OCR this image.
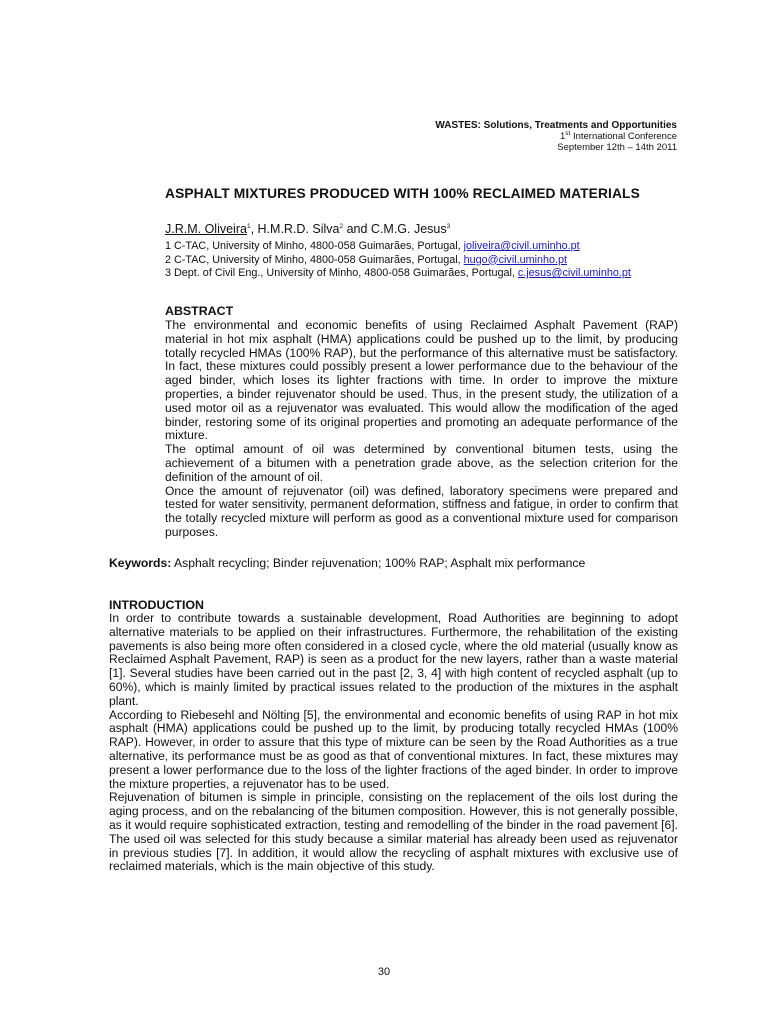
WASTES: Solutions, Treatments and Opportunities
1st International Conference
September 12th – 14th 2011
ASPHALT MIXTURES PRODUCED WITH 100% RECLAIMED MATERIALS
J.R.M. Oliveira$^1$, H.M.R.D. Silva$^2$ and C.M.G. Jesus$^3$
1 C-TAC, University of Minho, 4800-058 Guimarães, Portugal, joliveira@civil.uminho.pt
2 C-TAC, University of Minho, 4800-058 Guimarães, Portugal, hugo@civil.uminho.pt
3 Dept. of Civil Eng., University of Minho, 4800-058 Guimarães, Portugal, c.jesus@civil.uminho.pt
ABSTRACT

The environmental and economic benefits of using Reclaimed Asphalt Pavement (RAP) material in hot mix asphalt (HMA) applications could be pushed up to the limit, by producing totally recycled HMAs (100% RAP), but the performance of this alternative must be satisfactory. In fact, these mixtures could possibly present a lower performance due to the behaviour of the aged binder, which loses its lighter fractions with time. In order to improve the mixture properties, a binder rejuvenator should be used. Thus, in the present study, the utilization of a used motor oil as a rejuvenator was evaluated. This would allow the modification of the aged binder, restoring some of its original properties and promoting an adequate performance of the mixture.

The optimal amount of oil was determined by conventional bitumen tests, using the achievement of a bitumen with a penetration grade above, as the selection criterion for the definition of the amount of oil.

Once the amount of rejuvenator (oil) was defined, laboratory specimens were prepared and tested for water sensitivity, permanent deformation, stiffness and fatigue, in order to confirm that the totally recycled mixture will perform as good as a conventional mixture used for comparison purposes.

Keywords: Asphalt recycling; Binder rejuvenation; 100% RAP; Asphalt mix performance
INTRODUCTION

In order to contribute towards a sustainable development, Road Authorities are beginning to adopt alternative materials to be applied on their infrastructures. Furthermore, the rehabilitation of the existing pavements is also being more often considered in a closed cycle, where the old material (usually know as Reclaimed Asphalt Pavement, RAP) is seen as a product for the new layers, rather than a waste material [1]. Several studies have been carried out in the past [2, 3, 4] with high content of recycled asphalt (up to 60%), which is mainly limited by practical issues related to the production of the mixtures in the asphalt plant.

According to Riebesehl and Nölting [5], the environmental and economic benefits of using RAP in hot mix asphalt (HMA) applications could be pushed up to the limit, by producing totally recycled HMAs (100% RAP). However, in order to assure that this type of mixture can be seen by the Road Authorities as a true alternative, its performance must be as good as that of conventional mixtures. In fact, these mixtures may present a lower performance due to the loss of the lighter fractions of the aged binder. In order to improve the mixture properties, a rejuvenator has to be used.

Rejuvenation of bitumen is simple in principle, consisting on the replacement of the oils lost during the aging process, and on the rebalancing of the bitumen composition. However, this is not generally possible, as it would require sophisticated extraction, testing and remodelling of the binder in the road pavement [6]. The used oil was selected for this study because a similar material has already been used as rejuvenator in previous studies [7]. In addition, it would allow the recycling of asphalt mixtures with exclusive use of reclaimed materials, which is the main objective of this study.

30
